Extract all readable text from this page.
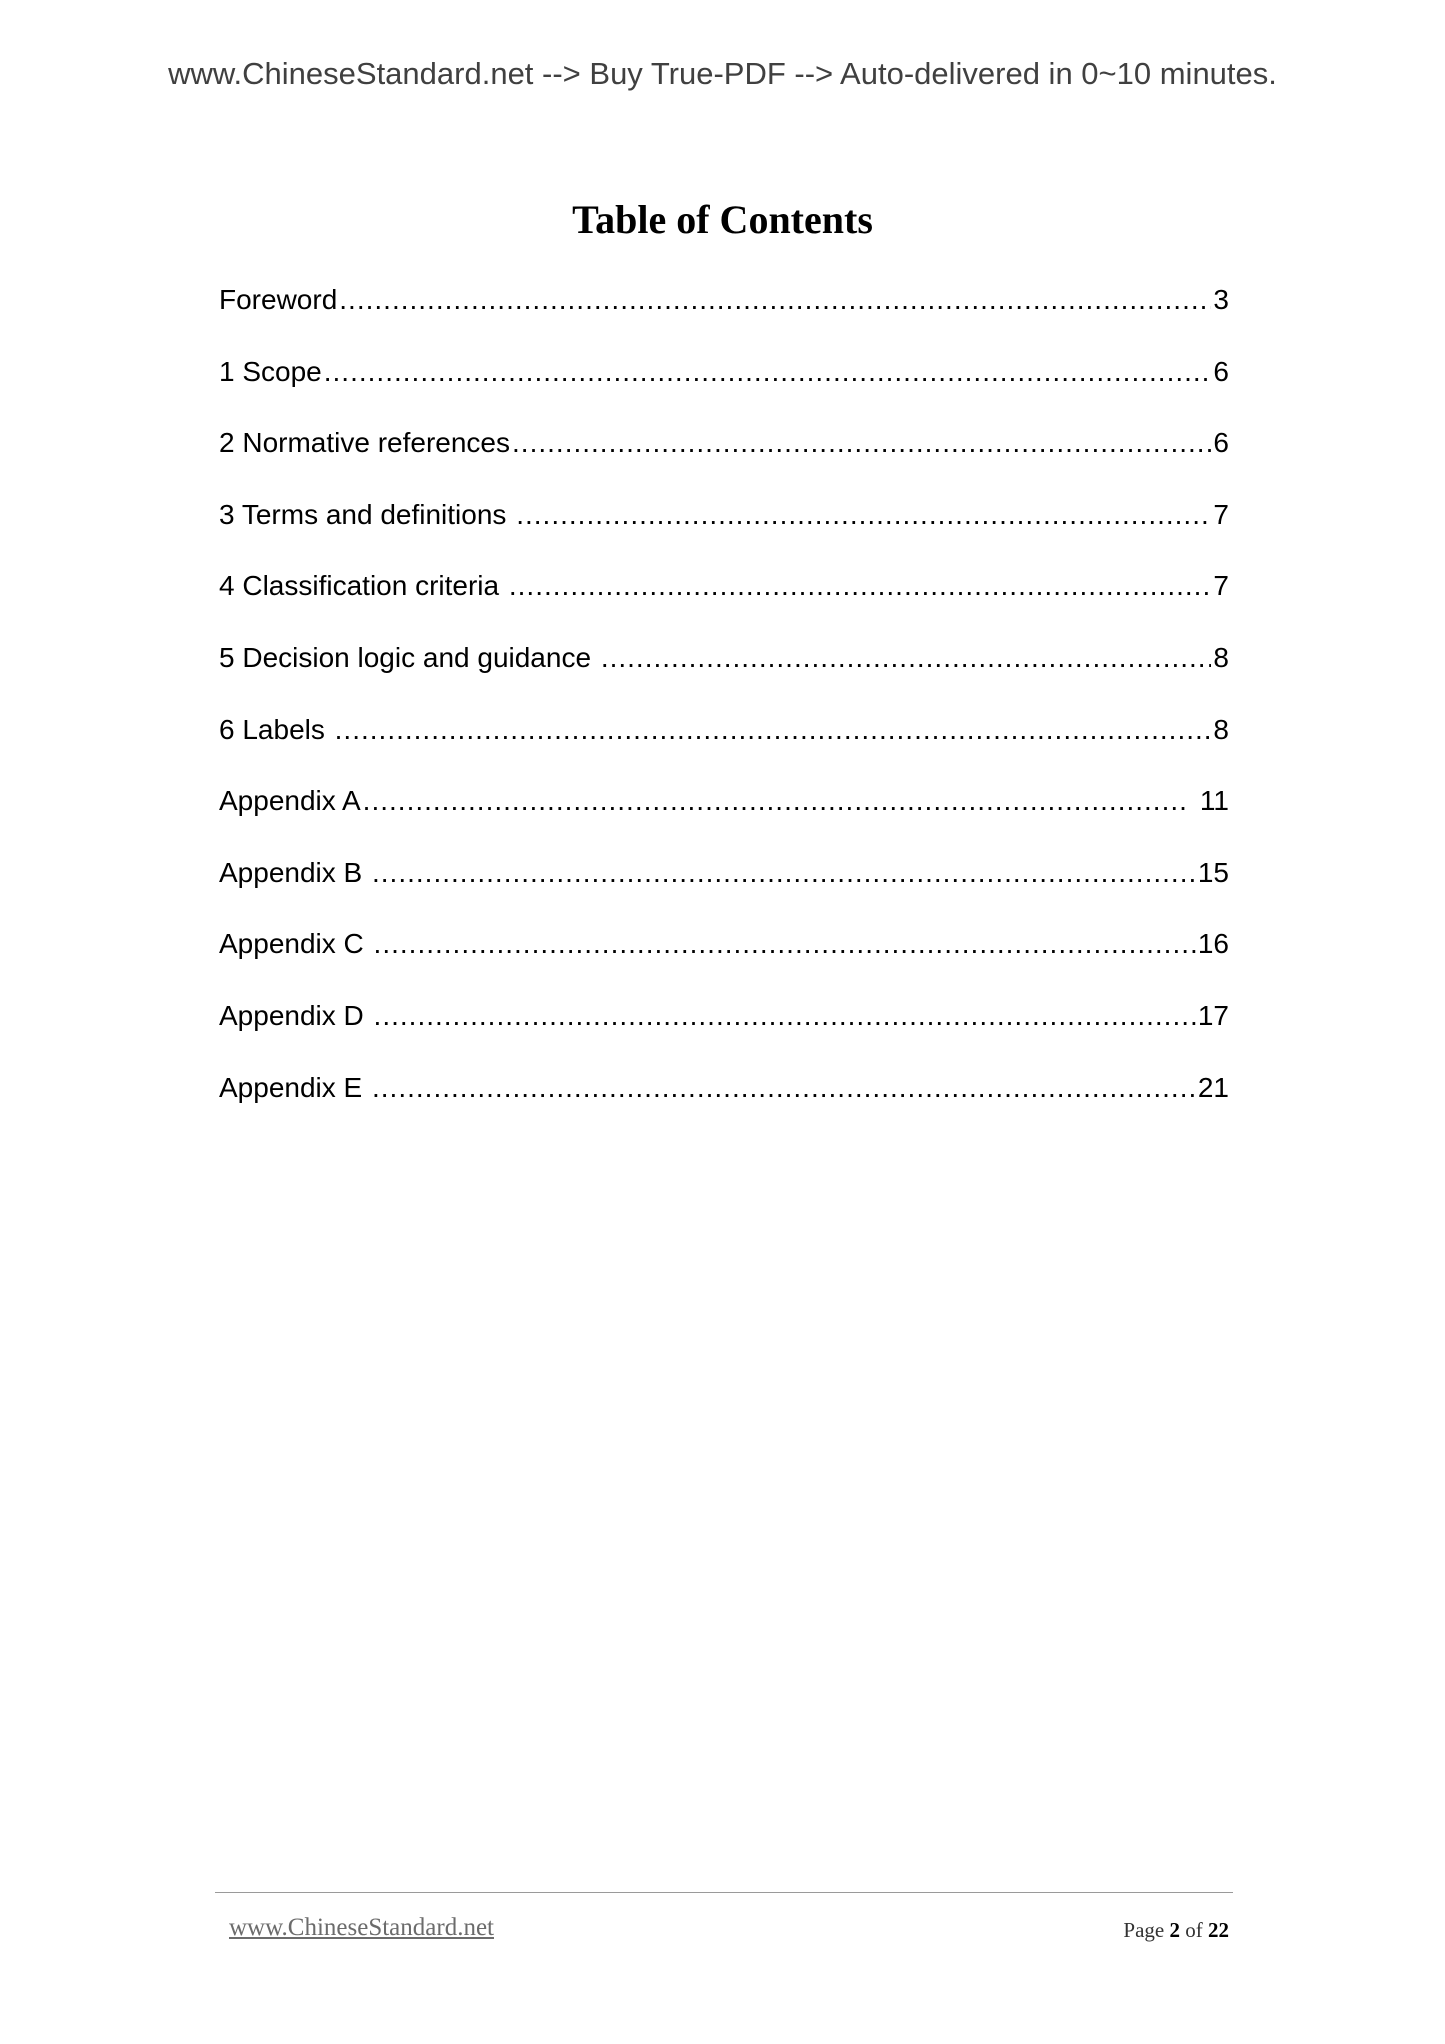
www.ChineseStandard.net --> Buy True-PDF --> Auto-delivered in 0~10 minutes.
Table of Contents
Foreword .....	3
1 Scope .....	6
2 Normative references .....	6
3 Terms and definitions .....	7
4 Classification criteria .....	7
5 Decision logic and guidance .....	8
6 Labels .....	8
Appendix A .....	11
Appendix B .....	15
Appendix C .....	16
Appendix D .....	17
Appendix E .....	21
www.ChineseStandard.net	Page 2 of 22
